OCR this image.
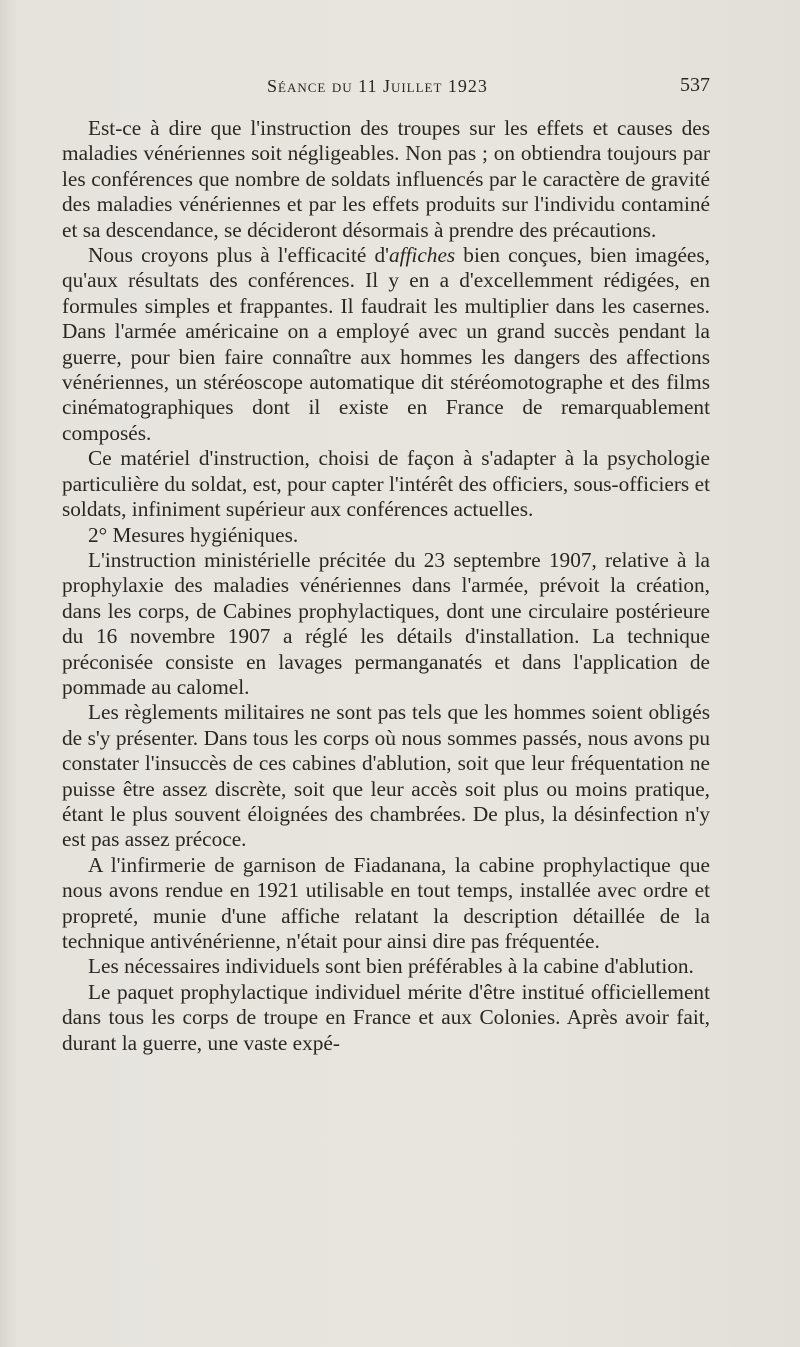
Séance du 11 Juillet 1923	537

Est-ce à dire que l'instruction des troupes sur les effets et causes des maladies vénériennes soit négligeables. Non pas ; on obtiendra toujours par les conférences que nombre de soldats influencés par le caractère de gravité des maladies vénériennes et par les effets produits sur l'individu contaminé et sa descendance, se décideront désormais à prendre des précautions.

Nous croyons plus à l'efficacité d'affiches bien conçues, bien imagées, qu'aux résultats des conférences. Il y en a d'excellemment rédigées, en formules simples et frappantes. Il faudrait les multiplier dans les casernes. Dans l'armée américaine on a employé avec un grand succès pendant la guerre, pour bien faire connaître aux hommes les dangers des affections vénériennes, un stéréoscope automatique dit stéréomotographe et des films cinématographiques dont il existe en France de remarquablement composés.

Ce matériel d'instruction, choisi de façon à s'adapter à la psychologie particulière du soldat, est, pour capter l'intérêt des officiers, sous-officiers et soldats, infiniment supérieur aux conférences actuelles.

2° Mesures hygiéniques.

L'instruction ministérielle précitée du 23 septembre 1907, relative à la prophylaxie des maladies vénériennes dans l'armée, prévoit la création, dans les corps, de Cabines prophylactiques, dont une circulaire postérieure du 16 novembre 1907 a réglé les détails d'installation. La technique préconisée consiste en lavages permanganatés et dans l'application de pommade au calomel.

Les règlements militaires ne sont pas tels que les hommes soient obligés de s'y présenter. Dans tous les corps où nous sommes passés, nous avons pu constater l'insuccès de ces cabines d'ablution, soit que leur fréquentation ne puisse être assez discrète, soit que leur accès soit plus ou moins pratique, étant le plus souvent éloignées des chambrées. De plus, la désinfection n'y est pas assez précoce.

A l'infirmerie de garnison de Fiadanana, la cabine prophylactique que nous avons rendue en 1921 utilisable en tout temps, installée avec ordre et propreté, munie d'une affiche relatant la description détaillée de la technique antivénérienne, n'était pour ainsi dire pas fréquentée.

Les nécessaires individuels sont bien préférables à la cabine d'ablution.

Le paquet prophylactique individuel mérite d'être institué officiellement dans tous les corps de troupe en France et aux Colonies. Après avoir fait, durant la guerre, une vaste expé-
